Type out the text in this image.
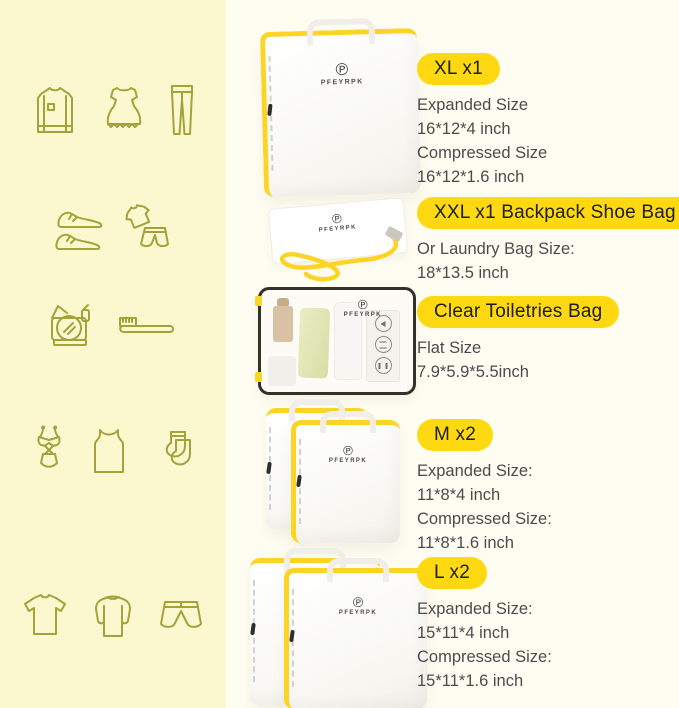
℗
PFEYRPK
℗
PFEYRPK
℗
PFEYRPK
℗
PFEYRPK
℗
PFEYRPK
XL x1
Expanded Size
16*12*4 inch
Compressed Size
16*12*1.6 inch
XXL x1 Backpack Shoe Bag
Or Laundry Bag Size:
18*13.5 inch
Clear Toiletries Bag
Flat Size
7.9*5.9*5.5inch
M x2
Expanded Size:
11*8*4 inch
Compressed Size:
11*8*1.6 inch
L x2
Expanded Size:
15*11*4 inch
Compressed Size:
15*11*1.6 inch
